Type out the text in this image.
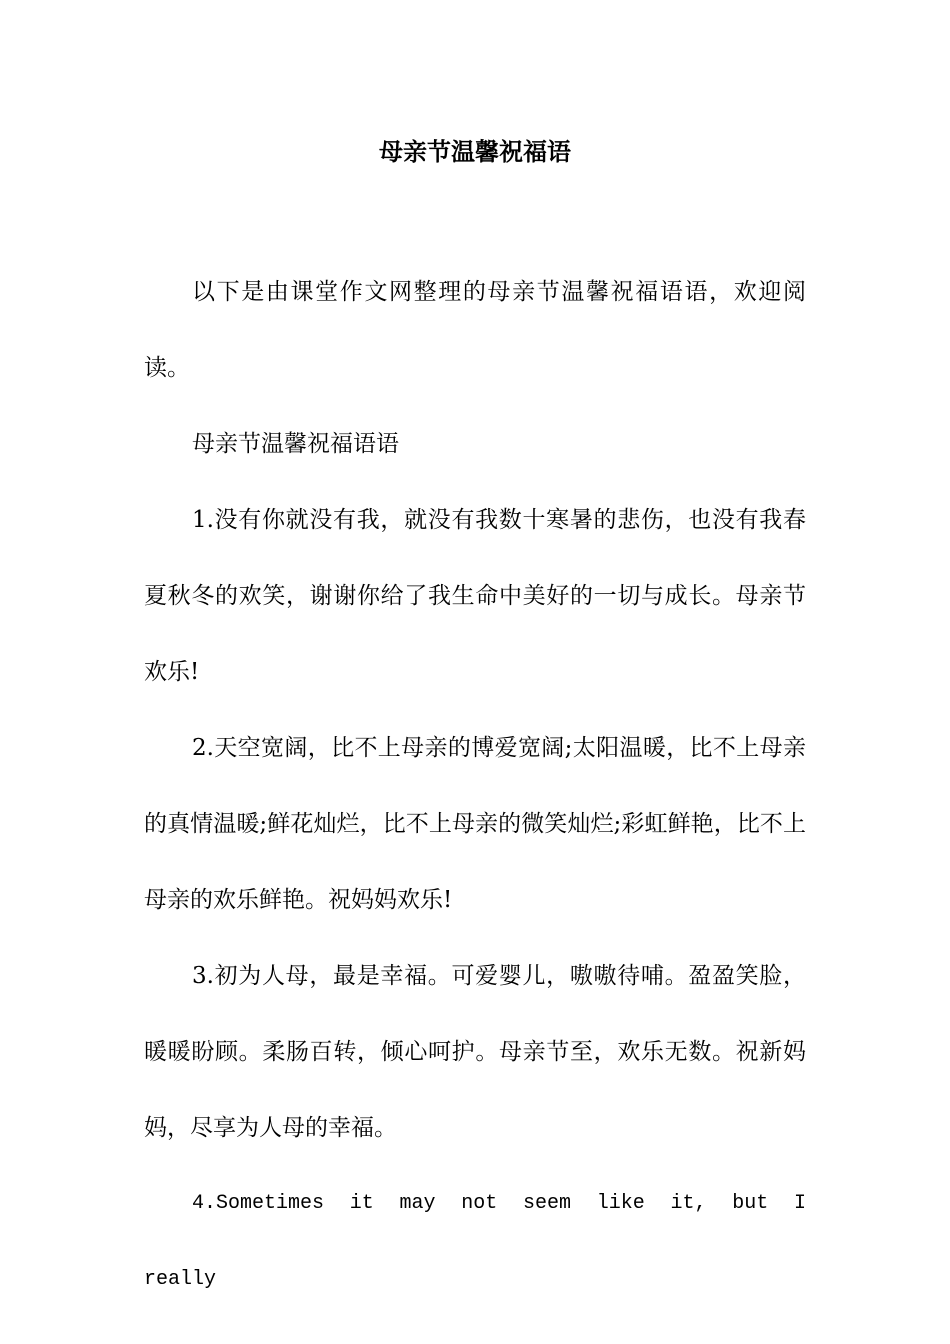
母亲节温馨祝福语

以下是由课堂作文网整理的母亲节温馨祝福语语，欢迎阅读。

母亲节温馨祝福语语

1.没有你就没有我，就没有我数十寒暑的悲伤，也没有我春夏秋冬的欢笑，谢谢你给了我生命中美好的一切与成长。母亲节欢乐!

2.天空宽阔，比不上母亲的博爱宽阔;太阳温暖，比不上母亲的真情温暖;鲜花灿烂，比不上母亲的微笑灿烂;彩虹鲜艳，比不上母亲的欢乐鲜艳。祝妈妈欢乐!

3.初为人母，最是幸福。可爱婴儿，嗷嗷待哺。盈盈笑脸，暖暖盼顾。柔肠百转，倾心呵护。母亲节至，欢乐无数。祝新妈妈，尽享为人母的幸福。

4.Sometimes it may not seem like it, but I really
